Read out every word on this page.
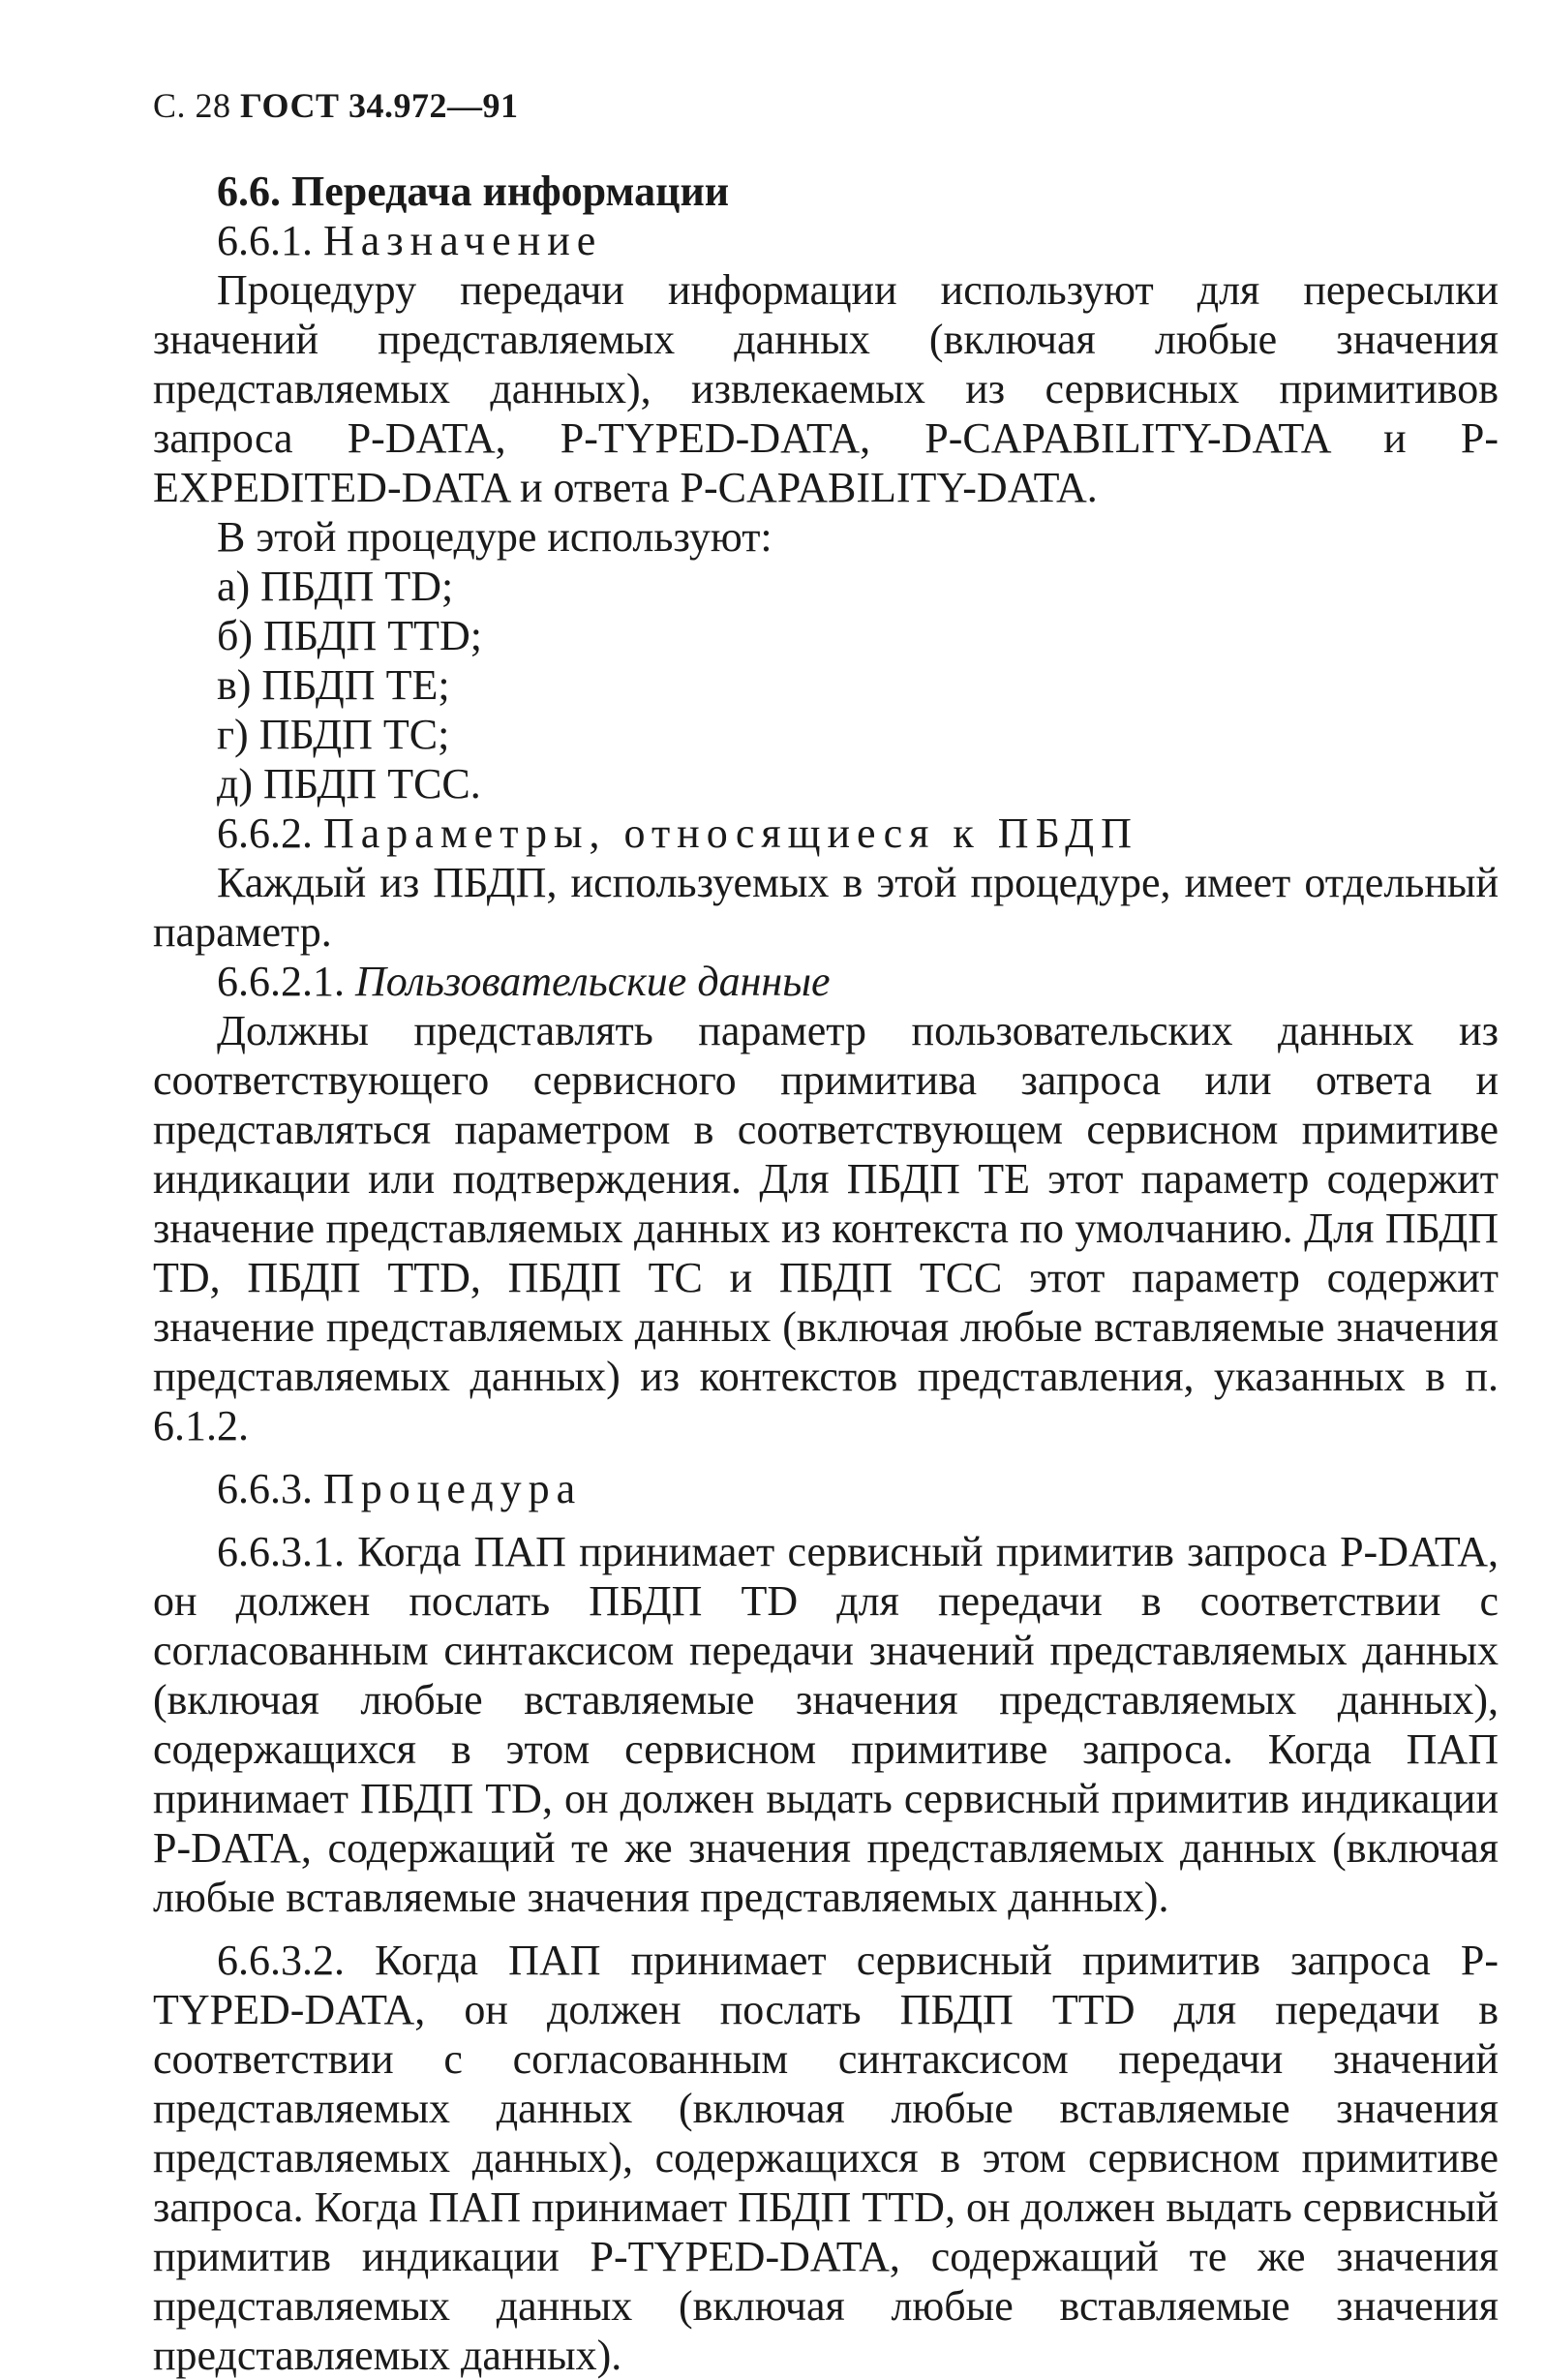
С. 28 ГОСТ 34.972—91
6.6. Передача информации
6.6.1. Назначение

Процедуру передачи информации используют для пересылки значений представляемых данных (включая любые значения представляемых данных), извлекаемых из сервисных примитивов запроса P-DATA, P-TYPED-DATA, P-CAPABILITY-DATA и P-EXPEDITED-DATA и ответа P-CAPABILITY-DATA.

В этой процедуре используют:

а) ПБДП TD;
б) ПБДП TTD;
в) ПБДП ТЕ;
г) ПБДП ТС;
д) ПБДП ТСС.
6.6.2. Параметры, относящиеся к ПБДП

Каждый из ПБДП, используемых в этой процедуре, имеет отдельный параметр.

6.6.2.1. Пользовательские данные

Должны представлять параметр пользовательских данных из соответствующего сервисного примитива запроса или ответа и представляться параметром в соответствующем сервисном примитиве индикации или подтверждения. Для ПБДП ТЕ этот параметр содержит значение представляемых данных из контекста по умолчанию. Для ПБДП TD, ПБДП TTD, ПБДП ТС и ПБДП ТСС этот параметр содержит значение представляемых данных (включая любые вставляемые значения представляемых данных) из контекстов представления, указанных в п. 6.1.2.

6.6.3. Процедура

6.6.3.1. Когда ПАП принимает сервисный примитив запроса P-DATA, он должен послать ПБДП TD для передачи в соответствии с согласованным синтаксисом передачи значений представляемых данных (включая любые вставляемые значения представляемых данных), содержащихся в этом сервисном примитиве запроса. Когда ПАП принимает ПБДП TD, он должен выдать сервисный примитив индикации P-DATA, содержащий те же значения представляемых данных (включая любые вставляемые значения представляемых данных).

6.6.3.2. Когда ПАП принимает сервисный примитив запроса P-TYPED-DATA, он должен послать ПБДП TTD для передачи в соответствии с согласованным синтаксисом передачи значений представляемых данных (включая любые вставляемые значения представляемых данных), содержащихся в этом сервисном примитиве запроса. Когда ПАП принимает ПБДП TTD, он должен выдать сервисный примитив индикации P-TYPED-DATA, содержащий те же значения представляемых данных (включая любые вставляемые значения представляемых данных).
